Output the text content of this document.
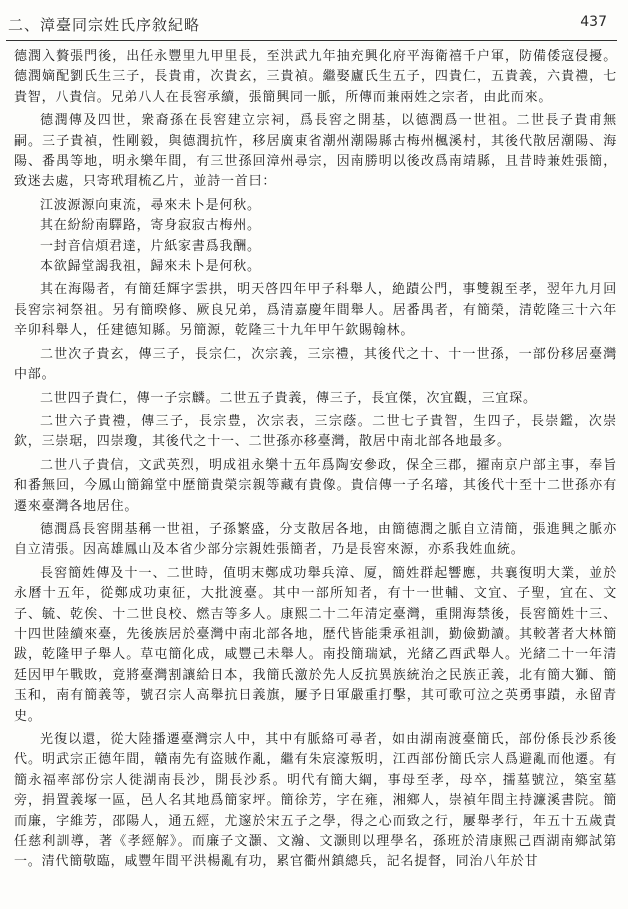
二、漳臺同宗姓氏序敘紀略	437

德潤入贅張門後，出任永豐里九甲里長，至洪武九年抽充興化府平海衛禧千户軍，防備倭寇侵擾。德潤嫡配劉氏生三子，長貴甫，次貴玄，三貴禎。繼娶廬氏生五子，四貴仁，五貴義，六貴禮，七貴智，八貴信。兄弟八人在長窖承續，張簡興同一脈，所傳而兼兩姓之宗者，由此而來。

德潤傳及四世，衆裔孫在長窖建立宗祠，爲長窖之開基，以德潤爲一世祖。二世長子貴甫無嗣。三子貴禎，性剛毅，與德潤抗忤，移居廣東省潮州潮陽縣古梅州楓溪村，其後代散居潮陽、海陽、番禺等地，明永樂年間，有三世孫回漳州尋宗，因南勝明以後改爲南靖縣，且昔時兼姓張簡，致迷去處，只寄玳瑁梳乙片，並詩一首曰：

江波源源向東流，尋來未卜是何秋。
其在紛紛南驛路，寄身寂寂古梅州。
一封音信煩君達，片紙家書爲我酬。
本欲歸堂謁我祖，歸來未卜是何秋。

其在海陽者，有簡廷輝字雲拱，明天啓四年甲子科舉人，絶蹟公門，事雙親至孝，翌年九月回長窖宗祠祭祖。另有簡暌修、厥良兄弟，爲清嘉慶年間舉人。居番禺者，有簡榮，清乾隆三十六年辛卯科舉人，任建德知縣。另簡源，乾隆三十九年甲午欽賜翰林。

二世次子貴玄，傳三子，長宗仁，次宗義，三宗禮，其後代之十、十一世孫，一部份移居臺灣中部。

二世四子貴仁，傳一子宗麟。二世五子貴義，傳三子，長宜傑，次宜觀，三宜琛。

二世六子貴禮，傳三子，長宗豊，次宗表，三宗蔭。二世七子貴智，生四子，長崇鑑，次崇欽，三崇琚，四崇瓊，其後代之十一、二世孫亦移臺灣，散居中南北部各地最多。

二世八子貴信，文武英烈，明成祖永樂十五年爲陶安參政，保全三郡，擢南京户部主事，奉旨和番無回，今鳳山簡錦堂中歴簡貴榮宗親等藏有貴像。貴信傳一子名璿，其後代十至十二世孫亦有遷來臺灣各地居住。

德潤爲長窖開基稱一世祖，子孫繁盛，分支散居各地，由簡德潤之脈自立清簡，張進興之脈亦自立清張。因高雄鳳山及本省少部分宗親姓張簡者，乃是長窖來源，亦系我姓血統。

長窖簡姓傳及十一、二世時，值明末鄭成功舉兵漳、厦，簡姓群起響應，共襄復明大業，並於永曆十五年，從鄭成功東征，大批渡臺。其中一部所知者，有十一世輔、文宜、子聖，宜在、文子、毓、乾俟、十二世良校、燃吉等多人。康熙二十二年清定臺灣，重開海禁後，長窖簡姓十三、十四世陸續來臺，先後族居於臺灣中南北部各地，歴代皆能秉承祖訓，勤儉勤讀。其較著者大林簡跋，乾隆甲子舉人。草屯簡化成，咸豐己未舉人。南投簡瑞斌，光緒乙酉武舉人。光緒二十一年清廷因甲午戰敗，竟將臺灣割讓給日本，我簡氏激於先人反抗異族統治之民族正義，北有簡大獅、簡玉和，南有簡義等，號召宗人高舉抗日義旗，屢予日軍嚴重打擊，其可歌可泣之英勇事蹟，永留青史。

光復以還，從大陸播遷臺灣宗人中，其中有脈絡可尋者，如由湖南渡臺簡氏，部份係長沙系後代。明武宗正德年間，贛南先有盗賊作亂，繼有朱宸濠叛明，江西部份簡氏宗人爲避亂而他遷。有簡永福率部份宗人徙湖南長沙，開長沙系。明代有簡大綱，事母至孝，母卒，擩墓號泣，築室墓旁，捐置義塚一區，邑人名其地爲簡家坪。簡徐芳，字在雍，湘鄉人，崇禎年間主持濂溪書院。簡而廉，字維芳，邵陽人，通五經，尤邃於宋五子之學，得之心而致之行，屢舉孝行，年五十五歲責任慈利訓導，著《孝經解》。而廉子文灝、文瀚、文灏則以理學名，孫班於清康熙己酉湖南鄉試第一。清代簡敬臨，咸豐年間平洪楊亂有功，累官衢州鎮總兵，記名提督，同治八年於甘
